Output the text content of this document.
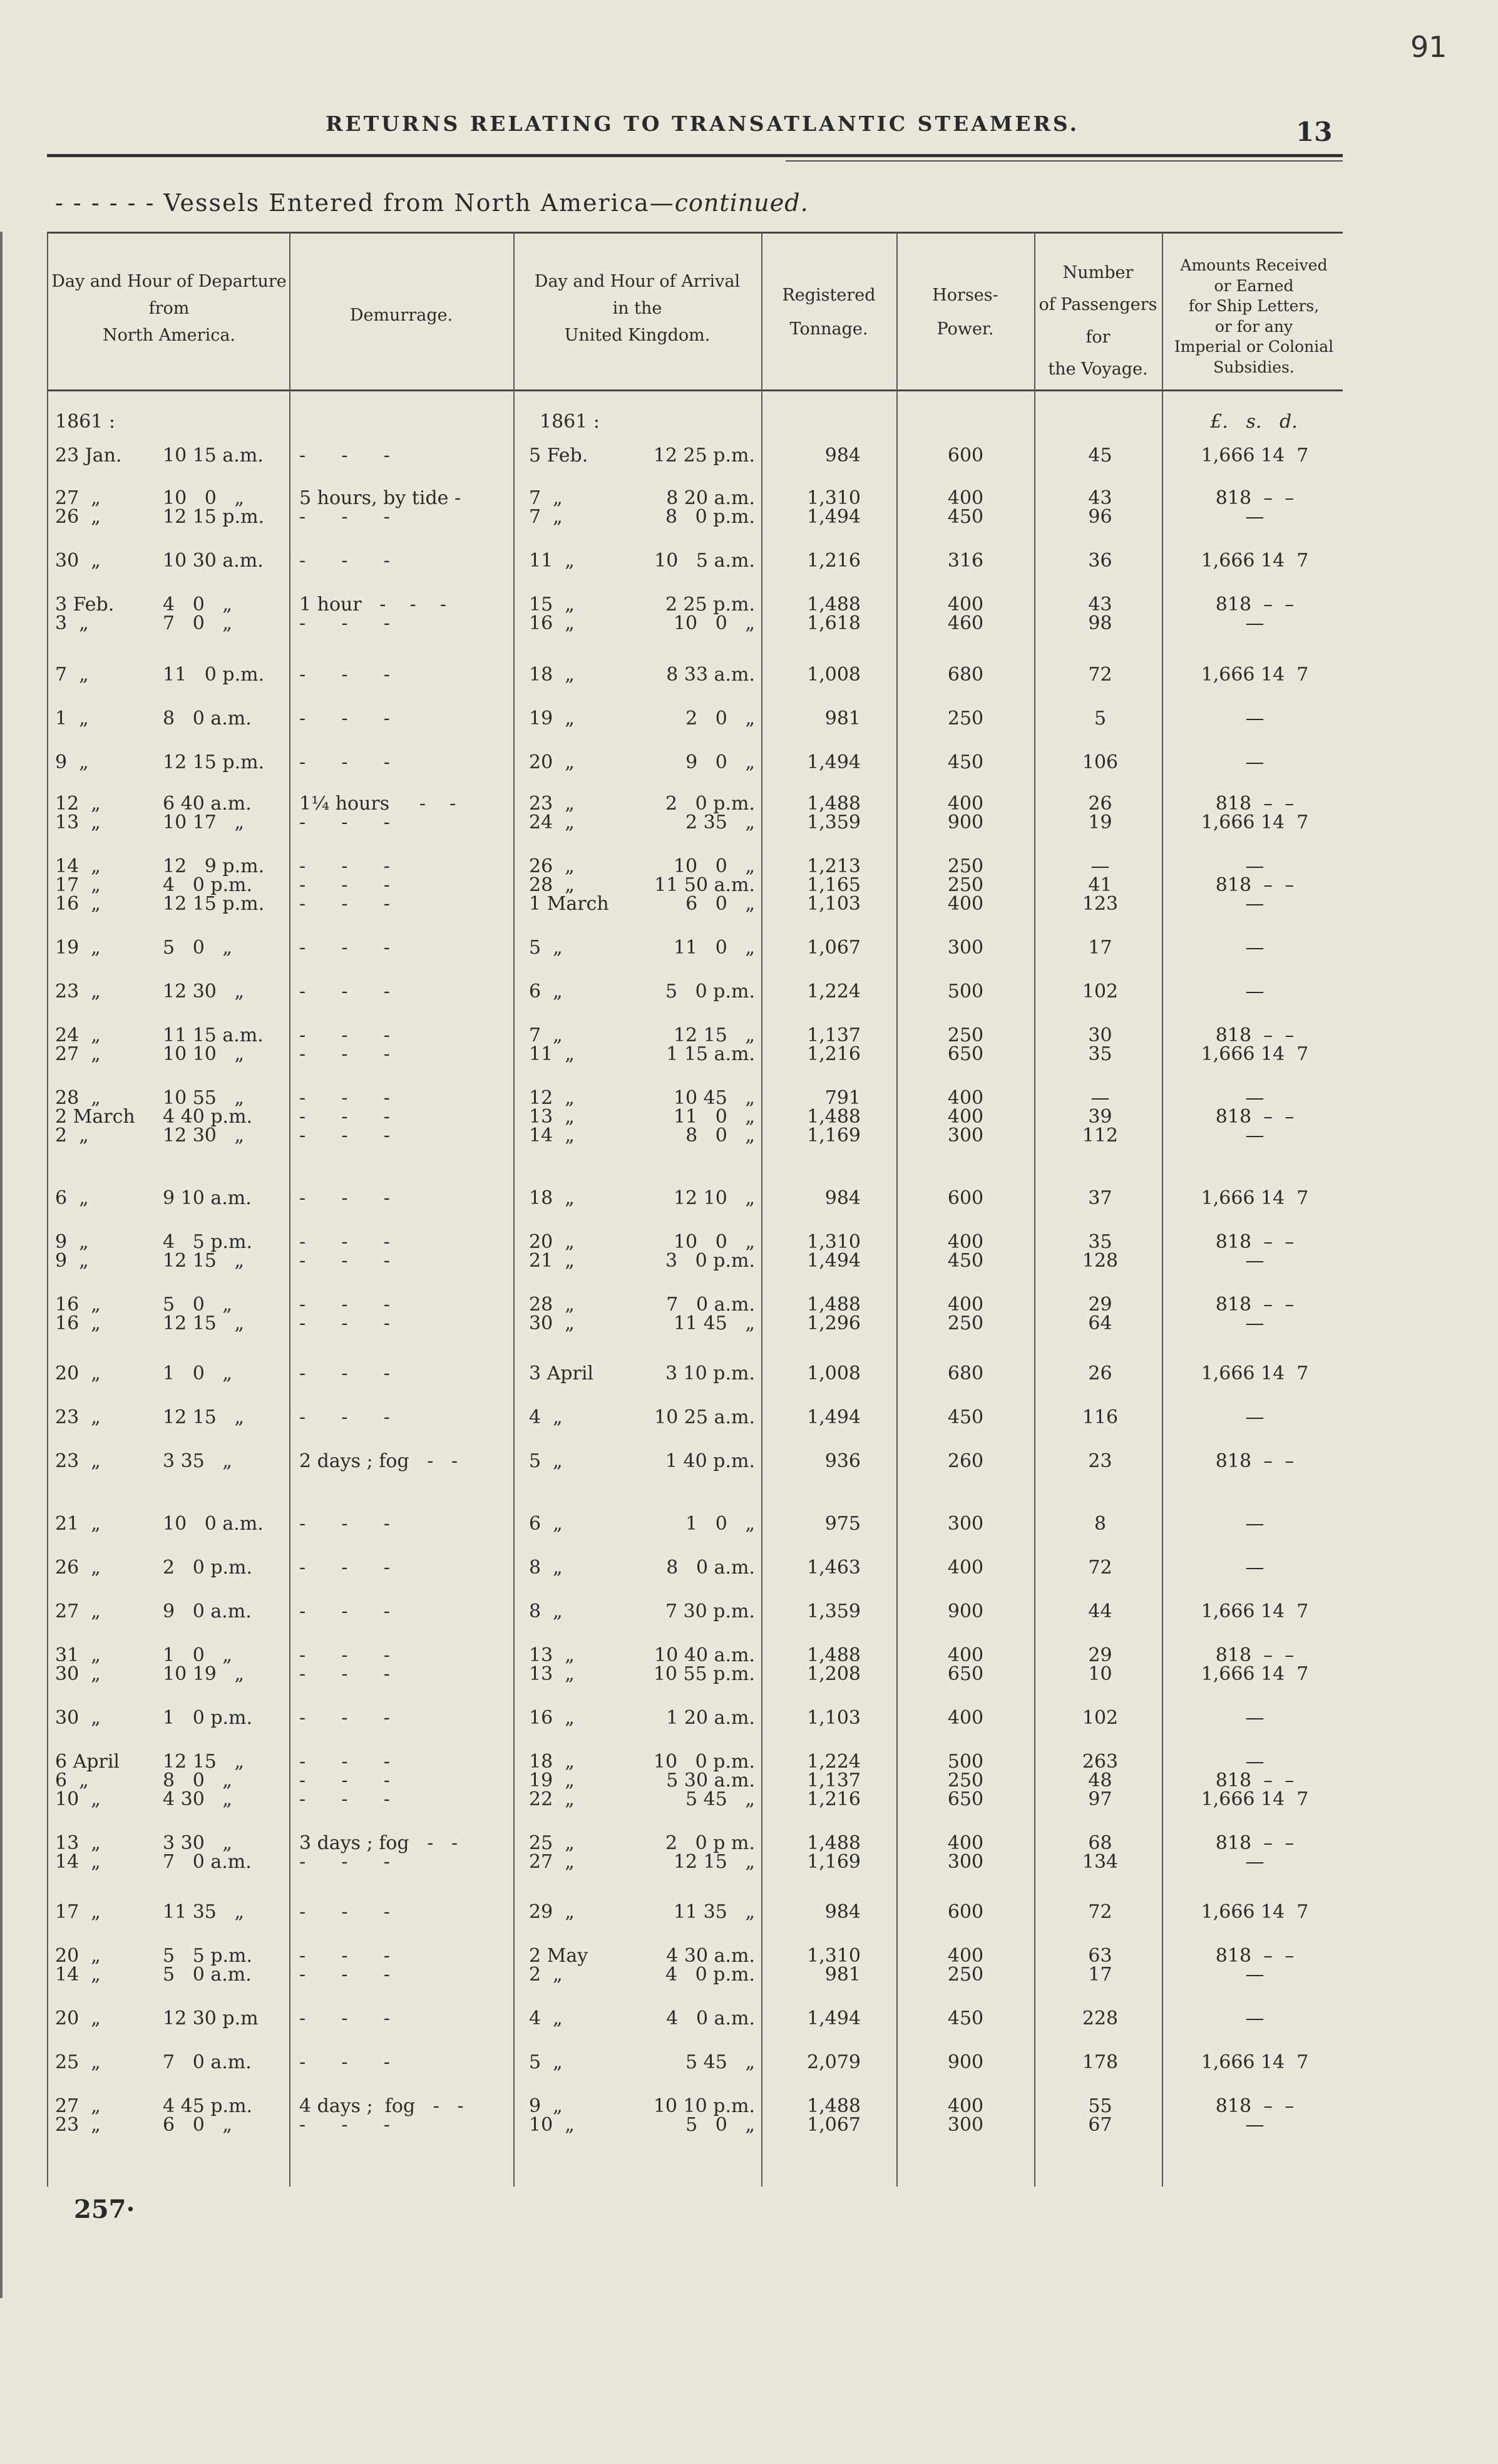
91
RETURNS RELATING TO TRANSATLANTIC STEAMERS.	13
- - - - - - Vessels Entered from North America—continued.
Day and Hour of Departure
from
North America.
Demurrage.
Day and Hour of Arrival
in the
United Kingdom.
Registered
Tonnage.
Horses-
Power.
Number
of Passengers
for
the Voyage.
Amounts Received
or Earned
for Ship Letters,
or for any
Imperial or Colonial
Subsidies.
1861 :	1861 :	£.   s.   d.
23 Jan.	10 15 a.m.	-      -      -	5 Feb.	12 25 p.m.	984	600	45	1,666 14  7
27  „	10   0   „	5 hours, by tide -	7  „	8 20 a.m.	1,310	400	43	818  –  –
26  „	12 15 p.m.	-      -      -	7  „	8   0 p.m.	1,494	450	96	—
30  „	10 30 a.m.	-      -      -	11  „	10   5 a.m.	1,216	316	36	1,666 14  7
3 Feb.	4   0   „	1 hour   -    -    -	15  „	2 25 p.m.	1,488	400	43	818  –  –
3  „	7   0   „	-      -      -	16  „	10   0   „	1,618	460	98	—
7  „	11   0 p.m.	-      -      -	18  „	8 33 a.m.	1,008	680	72	1,666 14  7
1  „	8   0 a.m.	-      -      -	19  „	2   0   „	981	250	5	—
9  „	12 15 p.m.	-      -      -	20  „	9   0   „	1,494	450	106	—
12  „	6 40 a.m.	1¼ hours     -    -	23  „	2   0 p.m.	1,488	400	26	818  –  –
13  „	10 17   „	-      -      -	24  „	2 35   „	1,359	900	19	1,666 14  7
14  „	12   9 p.m.	-      -      -	26  „	10   0   „	1,213	250	—	—
17  „	4   0 p.m.	-      -      -	28  „	11 50 a.m.	1,165	250	41	818  –  –
16  „	12 15 p.m.	-      -      -	1 March	6   0   „	1,103	400	123	—
19  „	5   0   „	-      -      -	5  „	11   0   „	1,067	300	17	—
23  „	12 30   „	-      -      -	6  „	5   0 p.m.	1,224	500	102	—
24  „	11 15 a.m.	-      -      -	7  „	12 15   „	1,137	250	30	818  –  –
27  „	10 10   „	-      -      -	11  „	1 15 a.m.	1,216	650	35	1,666 14  7
28  „	10 55   „	-      -      -	12  „	10 45   „	791	400	—	—
2 March	4 40 p.m.	-      -      -	13  „	11   0   „	1,488	400	39	818  –  –
2  „	12 30   „	-      -      -	14  „	8   0   „	1,169	300	112	—
6  „	9 10 a.m.	-      -      -	18  „	12 10   „	984	600	37	1,666 14  7
9  „	4   5 p.m.	-      -      -	20  „	10   0   „	1,310	400	35	818  –  –
9  „	12 15   „	-      -      -	21  „	3   0 p.m.	1,494	450	128	—
16  „	5   0   „	-      -      -	28  „	7   0 a.m.	1,488	400	29	818  –  –
16  „	12 15   „	-      -      -	30  „	11 45   „	1,296	250	64	—
20  „	1   0   „	-      -      -	3 April	3 10 p.m.	1,008	680	26	1,666 14  7
23  „	12 15   „	-      -      -	4  „	10 25 a.m.	1,494	450	116	—
23  „	3 35   „	2 days ; fog   -   -	5  „	1 40 p.m.	936	260	23	818  –  –
21  „	10   0 a.m.	-      -      -	6  „	1   0   „	975	300	8	—
26  „	2   0 p.m.	-      -      -	8  „	8   0 a.m.	1,463	400	72	—
27  „	9   0 a.m.	-      -      -	8  „	7 30 p.m.	1,359	900	44	1,666 14  7
31  „	1   0   „	-      -      -	13  „	10 40 a.m.	1,488	400	29	818  –  –
30  „	10 19   „	-      -      -	13  „	10 55 p.m.	1,208	650	10	1,666 14  7
30  „	1   0 p.m.	-      -      -	16  „	1 20 a.m.	1,103	400	102	—
6 April	12 15   „	-      -      -	18  „	10   0 p.m.	1,224	500	263	—
6  „	8   0   „	-      -      -	19  „	5 30 a.m.	1,137	250	48	818  –  –
10  „	4 30   „	-      -      -	22  „	5 45   „	1,216	650	97	1,666 14  7
13  „	3 30   „	3 days ; fog   -   -	25  „	2   0 p m.	1,488	400	68	818  –  –
14  „	7   0 a.m.	-      -      -	27  „	12 15   „	1,169	300	134	—
17  „	11 35   „	-      -      -	29  „	11 35   „	984	600	72	1,666 14  7
20  „	5   5 p.m.	-      -      -	2 May	4 30 a.m.	1,310	400	63	818  –  –
14  „	5   0 a.m.	-      -      -	2  „	4   0 p.m.	981	250	17	—
20  „	12 30 p.m	-      -      -	4  „	4   0 a.m.	1,494	450	228	—
25  „	7   0 a.m.	-      -      -	5  „	5 45   „	2,079	900	178	1,666 14  7
27  „	4 45 p.m.	4 days ;  fog   -   -	9  „	10 10 p.m.	1,488	400	55	818  –  –
23  „	6   0   „	-      -      -	10  „	5   0   „	1,067	300	67	—
257·
